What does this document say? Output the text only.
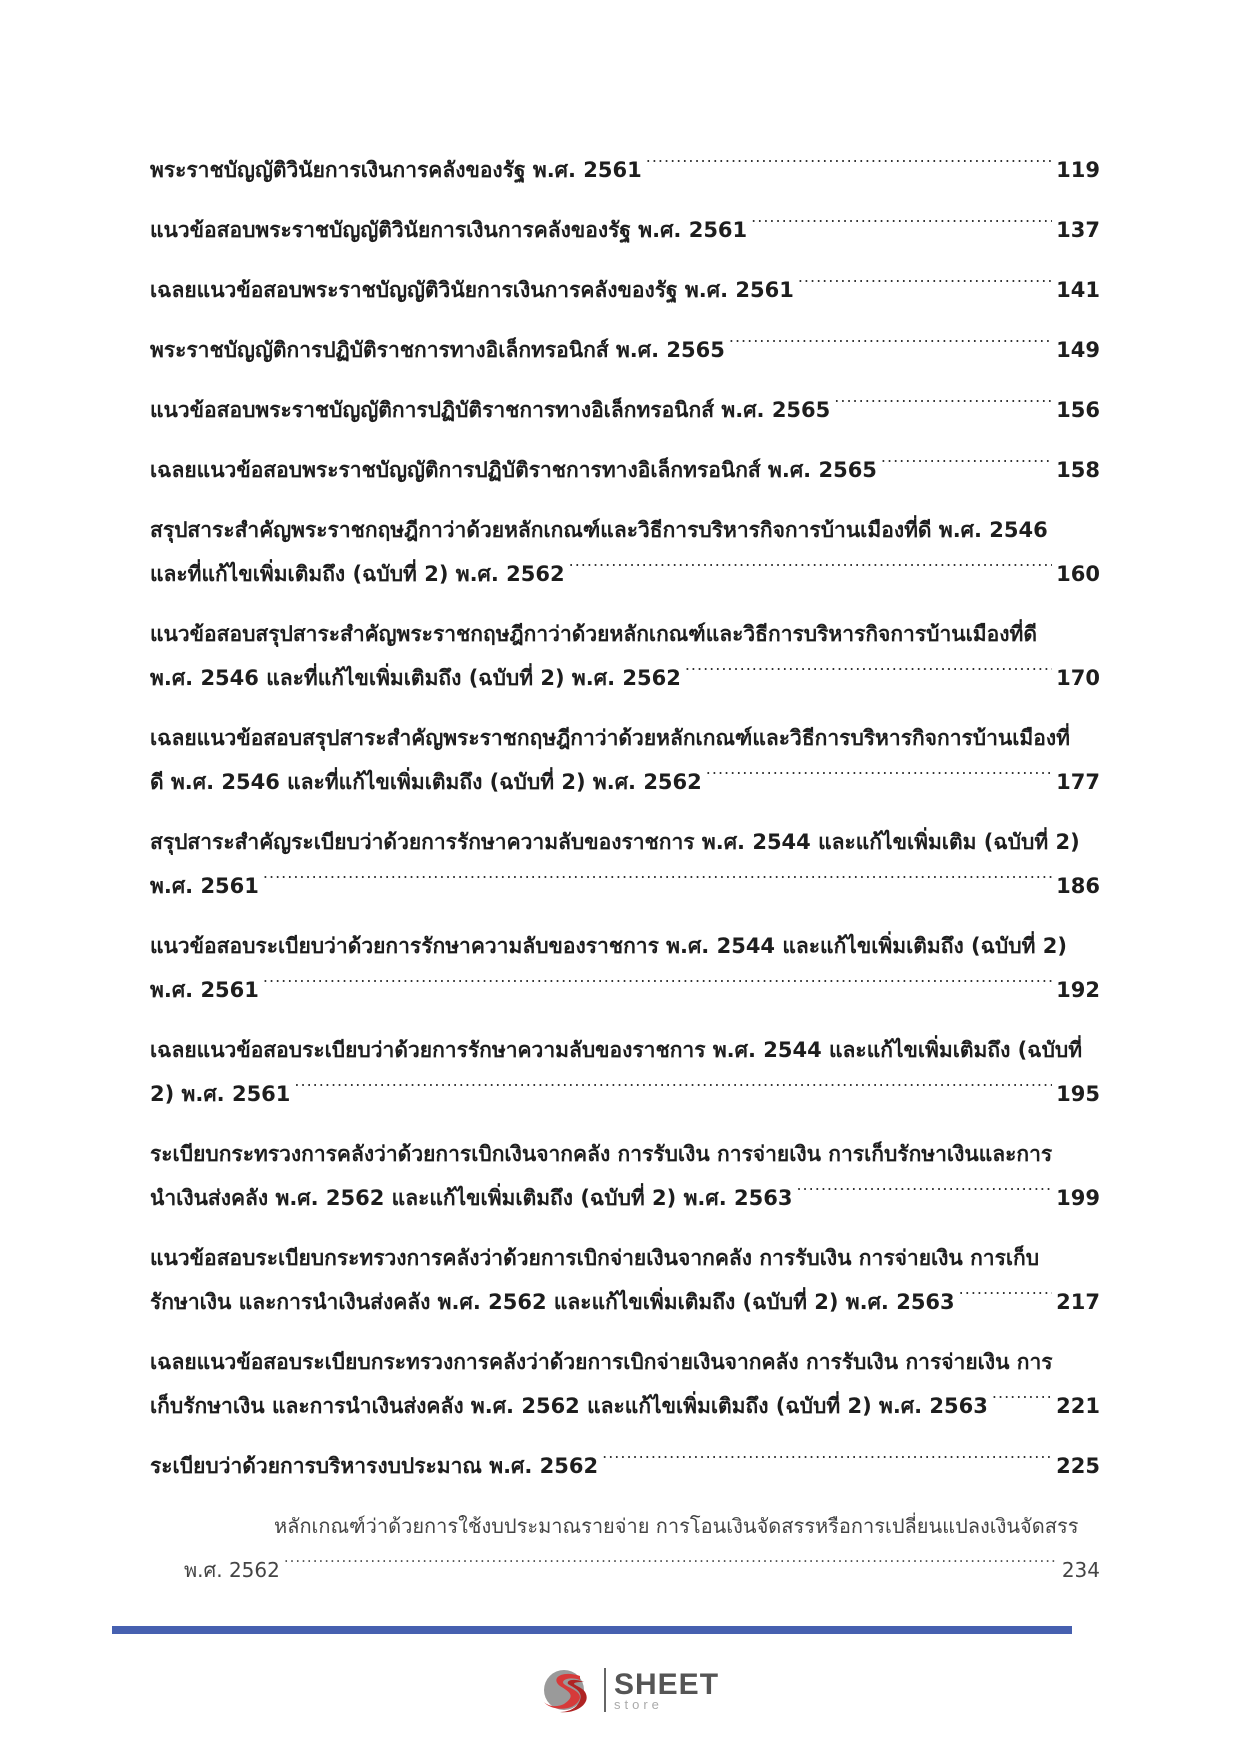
พระราชบัญญัติวินัยการเงินการคลังของรัฐ พ.ศ. 2561 .....	119
แนวข้อสอบพระราชบัญญัติวินัยการเงินการคลังของรัฐ พ.ศ. 2561 .....	137
เฉลยแนวข้อสอบพระราชบัญญัติวินัยการเงินการคลังของรัฐ พ.ศ. 2561 .....	141
พระราชบัญญัติการปฏิบัติราชการทางอิเล็กทรอนิกส์ พ.ศ. 2565 .....	149
แนวข้อสอบพระราชบัญญัติการปฏิบัติราชการทางอิเล็กทรอนิกส์ พ.ศ. 2565 .....	156
เฉลยแนวข้อสอบพระราชบัญญัติการปฏิบัติราชการทางอิเล็กทรอนิกส์ พ.ศ. 2565 .....	158
สรุปสาระสำคัญพระราชกฤษฎีกาว่าด้วยหลักเกณฑ์และวิธีการบริหารกิจการบ้านเมืองที่ดี พ.ศ. 2546
และที่แก้ไขเพิ่มเติมถึง (ฉบับที่ 2) พ.ศ. 2562 .....	160
แนวข้อสอบสรุปสาระสำคัญพระราชกฤษฎีกาว่าด้วยหลักเกณฑ์และวิธีการบริหารกิจการบ้านเมืองที่ดี
พ.ศ. 2546 และที่แก้ไขเพิ่มเติมถึง (ฉบับที่ 2) พ.ศ. 2562 .....	170
เฉลยแนวข้อสอบสรุปสาระสำคัญพระราชกฤษฎีกาว่าด้วยหลักเกณฑ์และวิธีการบริหารกิจการบ้านเมืองที่
ดี พ.ศ. 2546 และที่แก้ไขเพิ่มเติมถึง (ฉบับที่ 2) พ.ศ. 2562 .....	177
สรุปสาระสำคัญระเบียบว่าด้วยการรักษาความลับของราชการ พ.ศ. 2544 และแก้ไขเพิ่มเติม (ฉบับที่ 2)
พ.ศ. 2561 .....	186
แนวข้อสอบระเบียบว่าด้วยการรักษาความลับของราชการ พ.ศ. 2544 และแก้ไขเพิ่มเติมถึง (ฉบับที่ 2)
พ.ศ. 2561 .....	192
เฉลยแนวข้อสอบระเบียบว่าด้วยการรักษาความลับของราชการ พ.ศ. 2544 และแก้ไขเพิ่มเติมถึง (ฉบับที่
2) พ.ศ. 2561 .....	195
ระเบียบกระทรวงการคลังว่าด้วยการเบิกเงินจากคลัง การรับเงิน การจ่ายเงิน การเก็บรักษาเงินและการ
นำเงินส่งคลัง พ.ศ. 2562 และแก้ไขเพิ่มเติมถึง (ฉบับที่ 2) พ.ศ. 2563 .....	199
แนวข้อสอบระเบียบกระทรวงการคลังว่าด้วยการเบิกจ่ายเงินจากคลัง การรับเงิน การจ่ายเงิน การเก็บ
รักษาเงิน และการนำเงินส่งคลัง พ.ศ. 2562 และแก้ไขเพิ่มเติมถึง (ฉบับที่ 2) พ.ศ. 2563 .....	217
เฉลยแนวข้อสอบระเบียบกระทรวงการคลังว่าด้วยการเบิกจ่ายเงินจากคลัง การรับเงิน การจ่ายเงิน การ
เก็บรักษาเงิน และการนำเงินส่งคลัง พ.ศ. 2562 และแก้ไขเพิ่มเติมถึง (ฉบับที่ 2) พ.ศ. 2563 .....	221
ระเบียบว่าด้วยการบริหารงบประมาณ พ.ศ. 2562 .....	225
หลักเกณฑ์ว่าด้วยการใช้งบประมาณรายจ่าย การโอนเงินจัดสรรหรือการเปลี่ยนแปลงเงินจัดสรร
พ.ศ. 2562 .....	234
SHEET
store
